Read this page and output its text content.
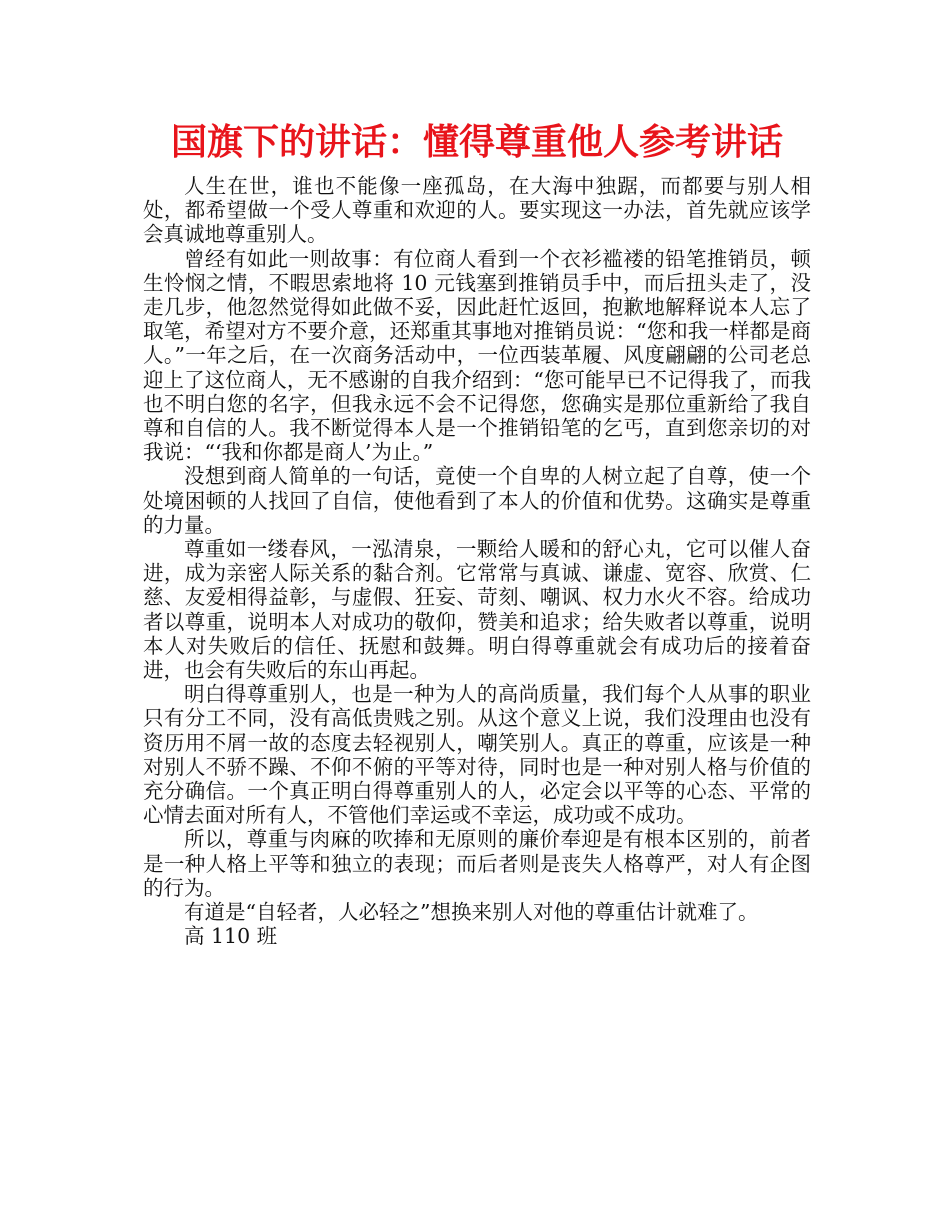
国旗下的讲话：懂得尊重他人参考讲话

人生在世，谁也不能像一座孤岛，在大海中独踞，而都要与别人相处，都希望做一个受人尊重和欢迎的人。要实现这一办法，首先就应该学会真诚地尊重别人。

曾经有如此一则故事：有位商人看到一个衣衫褴褛的铅笔推销员，顿生怜悯之情，不暇思索地将 10 元钱塞到推销员手中，而后扭头走了，没走几步，他忽然觉得如此做不妥，因此赶忙返回，抱歉地解释说本人忘了取笔，希望对方不要介意，还郑重其事地对推销员说：“您和我一样都是商人。”一年之后，在一次商务活动中，一位西装革履、风度翩翩的公司老总迎上了这位商人，无不感谢的自我介绍到：“您可能早已不记得我了，而我也不明白您的名字，但我永远不会不记得您，您确实是那位重新给了我自尊和自信的人。我不断觉得本人是一个推销铅笔的乞丐，直到您亲切的对我说：“‘我和你都是商人’为止。”

没想到商人简单的一句话，竟使一个自卑的人树立起了自尊，使一个处境困顿的人找回了自信，使他看到了本人的价值和优势。这确实是尊重的力量。

尊重如一缕春风，一泓清泉，一颗给人暖和的舒心丸，它可以催人奋进，成为亲密人际关系的黏合剂。它常常与真诚、谦虚、宽容、欣赏、仁慈、友爱相得益彰，与虚假、狂妄、苛刻、嘲讽、权力水火不容。给成功者以尊重，说明本人对成功的敬仰，赞美和追求；给失败者以尊重，说明本人对失败后的信任、抚慰和鼓舞。明白得尊重就会有成功后的接着奋进，也会有失败后的东山再起。

明白得尊重别人，也是一种为人的高尚质量，我们每个人从事的职业只有分工不同，没有高低贵贱之别。从这个意义上说，我们没理由也没有资历用不屑一故的态度去轻视别人，嘲笑别人。真正的尊重，应该是一种对别人不骄不躁、不仰不俯的平等对待，同时也是一种对别人格与价值的充分确信。一个真正明白得尊重别人的人，必定会以平等的心态、平常的心情去面对所有人，不管他们幸运或不幸运，成功或不成功。

所以，尊重与肉麻的吹捧和无原则的廉价奉迎是有根本区别的，前者是一种人格上平等和独立的表现；而后者则是丧失人格尊严，对人有企图的行为。

有道是“自轻者，人必轻之”想换来别人对他的尊重估计就难了。

高 110 班
